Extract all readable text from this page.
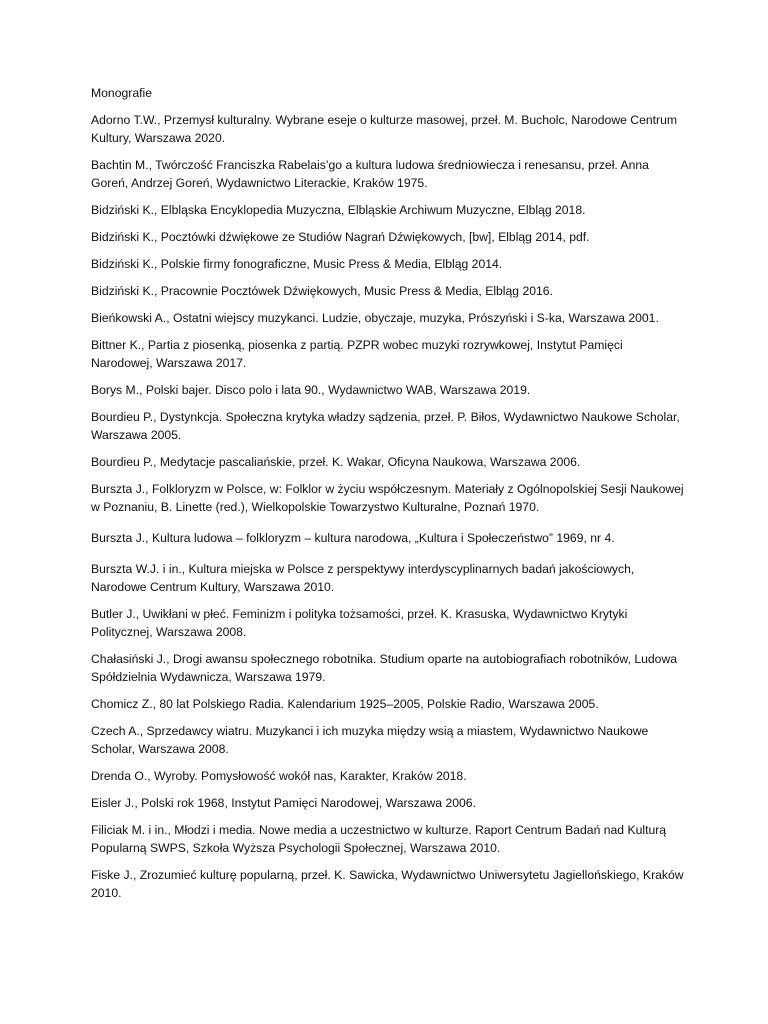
Monografie
Adorno T.W., Przemysł kulturalny. Wybrane eseje o kulturze masowej, przeł. M. Bucholc, Narodowe Centrum Kultury, Warszawa 2020.
Bachtin M., Twórczość Franciszka Rabelais’go a kultura ludowa średniowiecza i renesansu, przeł. Anna Goreń, Andrzej Goreń, Wydawnictwo Literackie, Kraków 1975.
Bidziński K., Elbląska Encyklopedia Muzyczna, Elbląskie Archiwum Muzyczne, Elbląg 2018.
Bidziński K., Pocztówki dźwiękowe ze Studiów Nagrań Dźwiękowych, [bw], Elbląg 2014, pdf.
Bidziński K., Polskie firmy fonograficzne, Music Press & Media, Elbląg 2014.
Bidziński K., Pracownie Pocztówek Dźwiękowych, Music Press & Media, Elbląg 2016.
Bieńkowski A., Ostatni wiejscy muzykanci. Ludzie, obyczaje, muzyka, Prószyński i S-ka, Warszawa 2001.
Bittner K., Partia z piosenką, piosenka z partią. PZPR wobec muzyki rozrywkowej, Instytut Pamięci Narodowej, Warszawa 2017.
Borys M., Polski bajer. Disco polo i lata 90., Wydawnictwo WAB, Warszawa 2019.
Bourdieu P., Dystynkcja. Społeczna krytyka władzy sądzenia, przeł. P. Biłos, Wydawnictwo Naukowe Scholar, Warszawa 2005.
Bourdieu P., Medytacje pascaliańskie, przeł. K. Wakar, Oficyna Naukowa, Warszawa 2006.
Burszta J., Folkloryzm w Polsce, w: Folklor w życiu współczesnym. Materiały z Ogólnopolskiej Sesji Naukowej w Poznaniu, B. Linette (red.), Wielkopolskie Towarzystwo Kulturalne, Poznań 1970.
Burszta J., Kultura ludowa – folkloryzm – kultura narodowa, „Kultura i Społeczeństwo” 1969, nr 4.
Burszta W.J. i in., Kultura miejska w Polsce z perspektywy interdyscyplinarnych badań jakościowych, Narodowe Centrum Kultury, Warszawa 2010.
Butler J., Uwikłani w płeć. Feminizm i polityka tożsamości, przeł. K. Krasuska, Wydawnictwo Krytyki Politycznej, Warszawa 2008.
Chałasiński J., Drogi awansu społecznego robotnika. Studium oparte na autobiografiach robotników, Ludowa Spółdzielnia Wydawnicza, Warszawa 1979.
Chomicz Z., 80 lat Polskiego Radia. Kalendarium 1925–2005, Polskie Radio, Warszawa 2005.
Czech A., Sprzedawcy wiatru. Muzykanci i ich muzyka między wsią a miastem, Wydawnictwo Naukowe Scholar, Warszawa 2008.
Drenda O., Wyroby. Pomysłowość wokół nas, Karakter, Kraków 2018.
Eisler J., Polski rok 1968, Instytut Pamięci Narodowej, Warszawa 2006.
Filiciak M. i in., Młodzi i media. Nowe media a uczestnictwo w kulturze. Raport Centrum Badań nad Kulturą Popularną SWPS, Szkoła Wyższa Psychologii Społecznej, Warszawa 2010.
Fiske J., Zrozumieć kulturę popularną, przeł. K. Sawicka, Wydawnictwo Uniwersytetu Jagiellońskiego, Kraków 2010.
